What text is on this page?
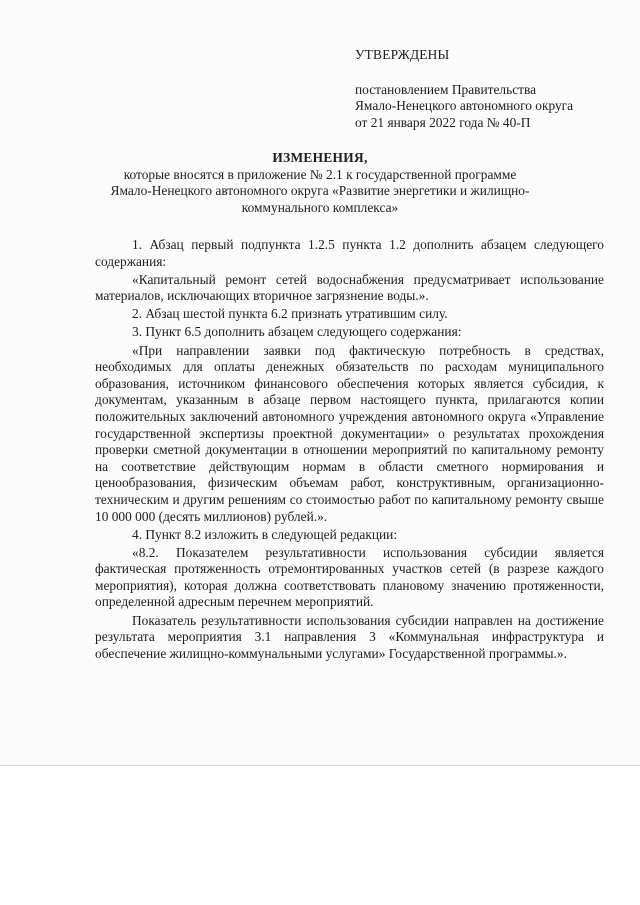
УТВЕРЖДЕНЫ

постановлением Правительства

Ямало-Ненецкого автономного округа

от 21 января 2022 года № 40-П

ИЗМЕНЕНИЯ,

которые вносятся в приложение № 2.1 к государственной программе

Ямало-Ненецкого автономного округа «Развитие энергетики и жилищно-

коммунального комплекса»

1. Абзац первый подпункта 1.2.5 пункта 1.2 дополнить абзацем следующего содержания:

«Капитальный ремонт сетей водоснабжения предусматривает использование материалов, исключающих вторичное загрязнение воды.».

2. Абзац шестой пункта 6.2 признать утратившим силу.

3. Пункт 6.5 дополнить абзацем следующего содержания:

«При направлении заявки под фактическую потребность в средствах, необходимых для оплаты денежных обязательств по расходам муниципального образования, источником финансового обеспечения которых является субсидия, к документам, указанным в абзаце первом настоящего пункта, прилагаются копии положительных заключений автономного учреждения автономного округа «Управление государственной экспертизы проектной документации» о результатах прохождения проверки сметной документации в отношении мероприятий по капитальному ремонту на соответствие действующим нормам в области сметного нормирования и ценообразования, физическим объемам работ, конструктивным, организационно-техническим и другим решениям со стоимостью работ по капитальному ремонту свыше 10 000 000 (десять миллионов) рублей.».

4. Пункт 8.2 изложить в следующей редакции:

«8.2. Показателем результативности использования субсидии является фактическая протяженность отремонтированных участков сетей (в разрезе каждого мероприятия), которая должна соответствовать плановому значению протяженности, определенной адресным перечнем мероприятий.

Показатель результативности использования субсидии направлен на достижение результата мероприятия 3.1 направления 3 «Коммунальная инфраструктура и обеспечение жилищно-коммунальными услугами» Государственной программы.».
